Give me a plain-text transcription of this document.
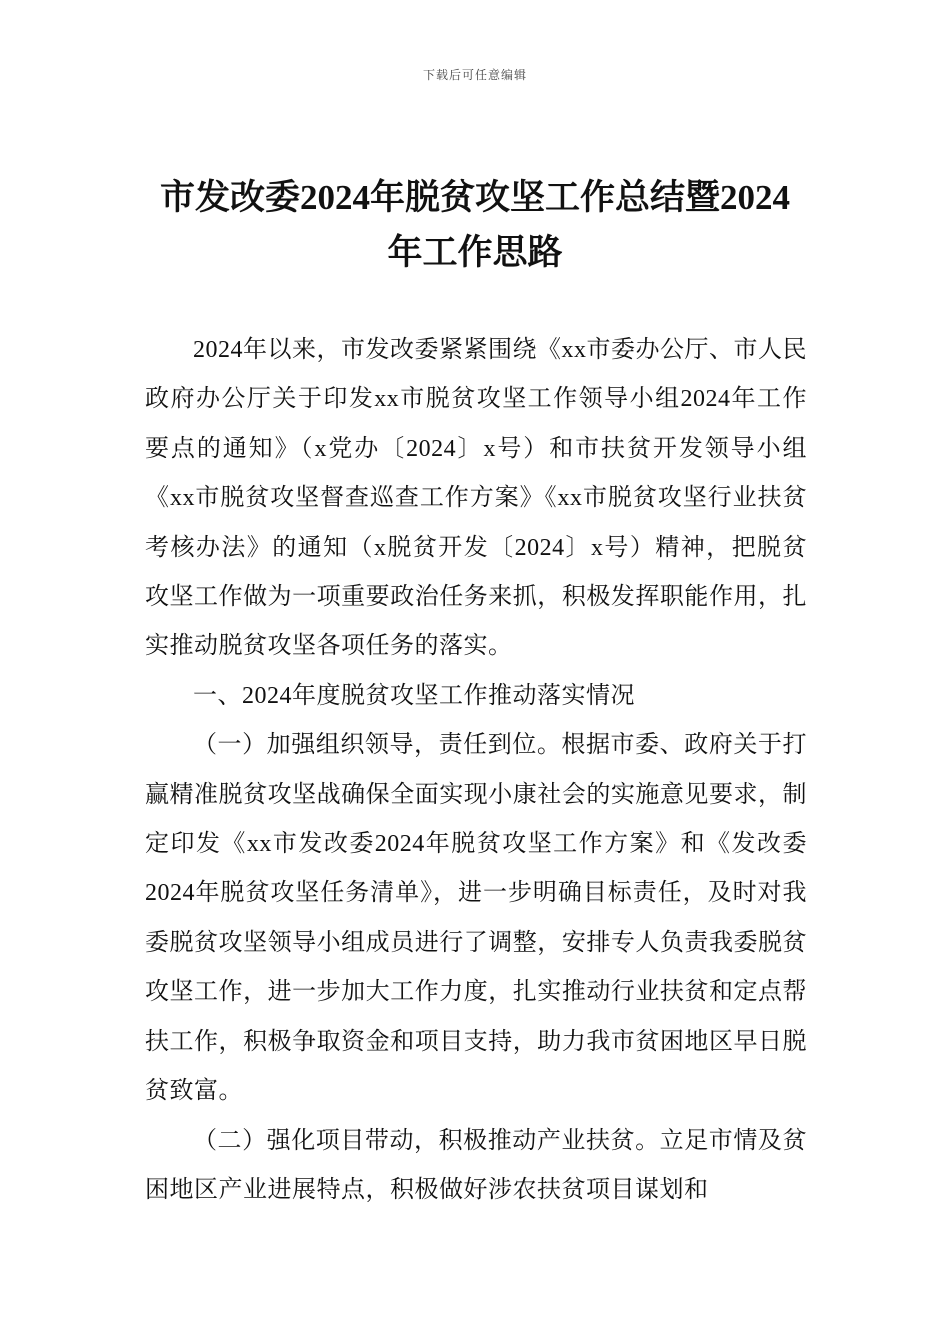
下载后可任意编辑
市发改委2024年脱贫攻坚工作总结暨2024
年工作思路

2024年以来，市发改委紧紧围绕《xx市委办公厅、市人民政府办公厅关于印发xx市脱贫攻坚工作领导小组2024年工作要点的通知》（x党办〔2024〕x号）和市扶贫开发领导小组《xx市脱贫攻坚督查巡查工作方案》《xx市脱贫攻坚行业扶贫考核办法》的通知（x脱贫开发〔2024〕x号）精神，把脱贫攻坚工作做为一项重要政治任务来抓，积极发挥职能作用，扎实推动脱贫攻坚各项任务的落实。

一、2024年度脱贫攻坚工作推动落实情况

（一）加强组织领导，责任到位。根据市委、政府关于打赢精准脱贫攻坚战确保全面实现小康社会的实施意见要求，制定印发《xx市发改委2024年脱贫攻坚工作方案》和《发改委2024年脱贫攻坚任务清单》，进一步明确目标责任，及时对我委脱贫攻坚领导小组成员进行了调整，安排专人负责我委脱贫攻坚工作，进一步加大工作力度，扎实推动行业扶贫和定点帮扶工作，积极争取资金和项目支持，助力我市贫困地区早日脱贫致富。

（二）强化项目带动，积极推动产业扶贫。立足市情及贫困地区产业进展特点，积极做好涉农扶贫项目谋划和
